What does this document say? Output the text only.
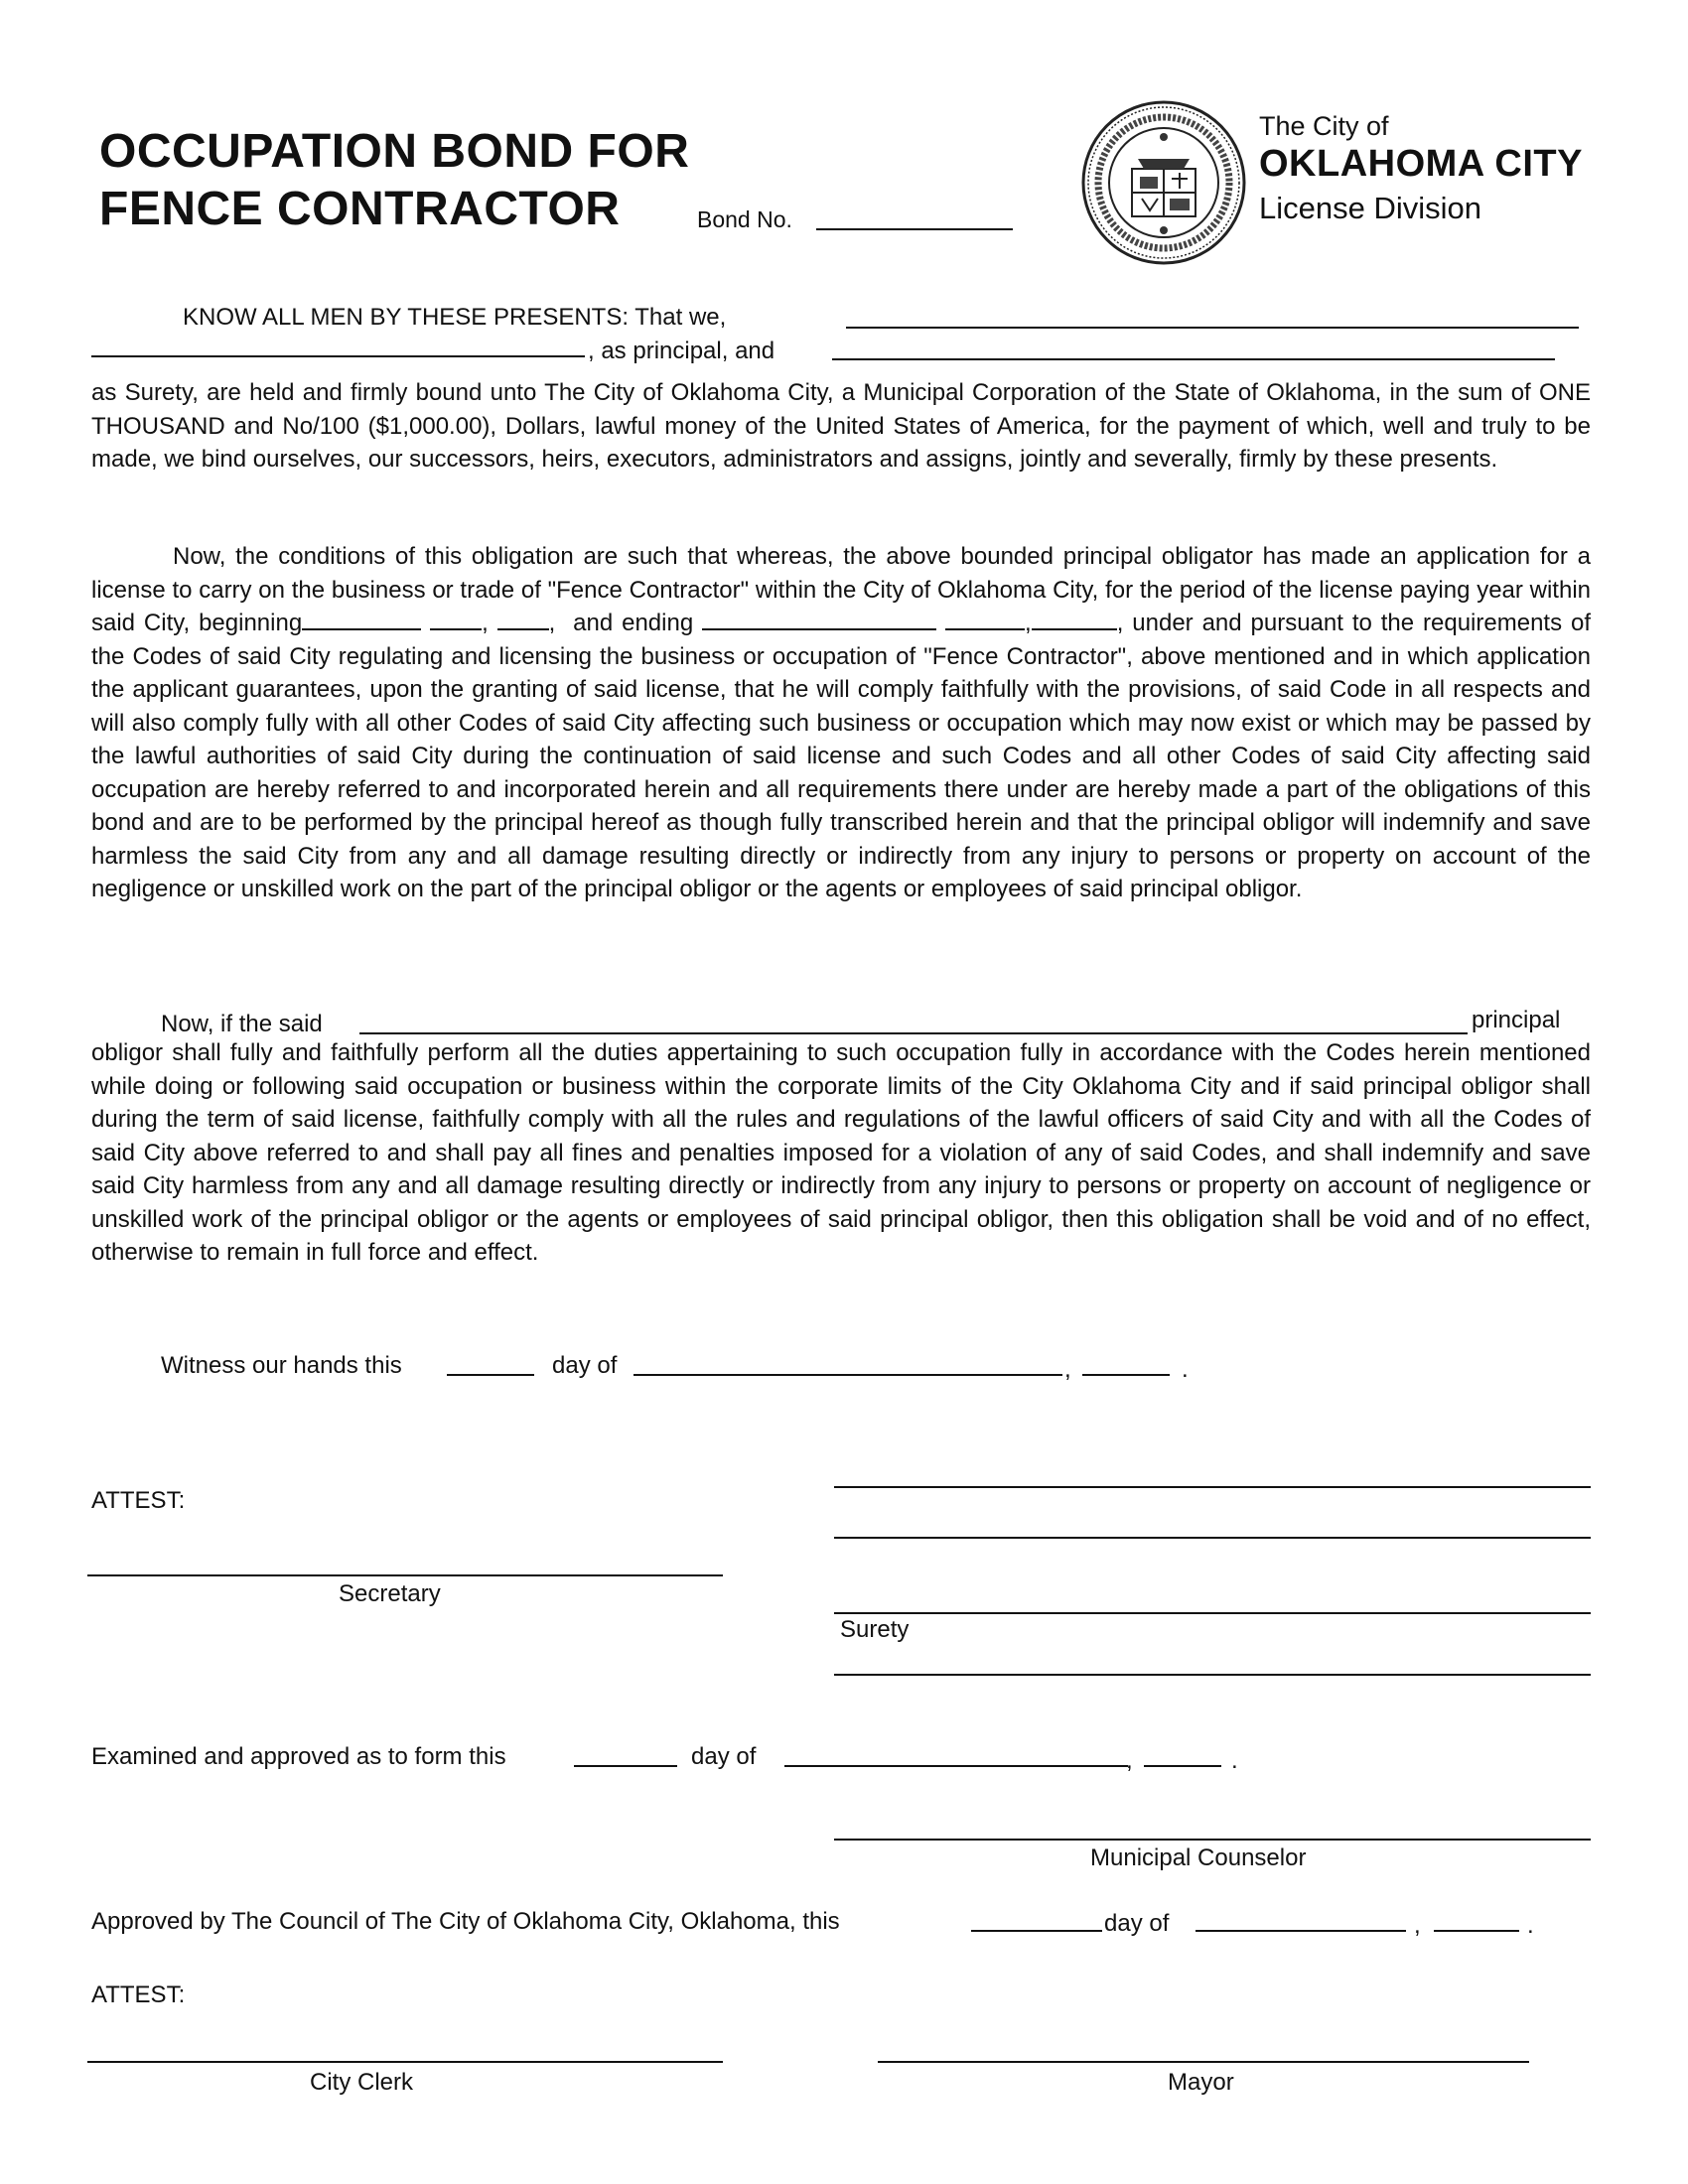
OCCUPATION BOND FOR
FENCE CONTRACTOR	Bond No.
The City of
OKLAHOMA CITY
License Division
KNOW ALL MEN BY THESE PRESENTS: That we,
, as principal, and
as Surety, are held and firmly bound unto The City of Oklahoma City, a Municipal Corporation of the State of Oklahoma, in the sum of ONE THOUSAND and No/100 ($1,000.00), Dollars, lawful money of the United States of America, for the payment of which, well and truly to be made, we bind ourselves, our successors, heirs, executors, administrators and assigns, jointly and severally, firmly by these presents.
Now, the conditions of this obligation are such that whereas, the above bounded principal obligator has made an application for a license to carry on the business or trade of "Fence Contractor" within the City of Oklahoma City, for the period of the license paying year within said City, beginning	, ,  and ending	,	, under and pursuant to the requirements of the Codes of said City regulating and licensing the business or occupation of "Fence Contractor", above mentioned and in which application the applicant guarantees, upon the granting of said license, that he will comply faithfully with the provisions, of said Code in all respects and will also comply fully with all other Codes of said City affecting such business or occupation which may now exist or which may be passed by the lawful authorities of said City during the continuation of said license and such Codes and all other Codes of said City affecting said occupation are hereby referred to and incorporated herein and all requirements there under are hereby made a part of the obligations of this bond and are to be performed by the principal hereof as though fully transcribed herein and that the principal obligor will indemnify and save harmless the said City from any and all damage resulting directly or indirectly from any injury to persons or property on account of the negligence or unskilled work on the part of the principal obligor or the agents or employees of said principal obligor.
Now, if the said	principal
obligor shall fully and faithfully perform all the duties appertaining to such occupation fully in accordance with the Codes herein mentioned while doing or following said occupation or business within the corporate limits of the City Oklahoma City and if said principal obligor shall during the term of said license, faithfully comply with all the rules and regulations of the lawful officers of said City and with all the Codes of said City above referred to and shall pay all fines and penalties imposed for a violation of any of said Codes, and shall indemnify and save said City harmless from any and all damage resulting directly or indirectly from any injury to persons or property on account of negligence or unskilled work of the principal obligor or the agents or employees of said principal obligor, then this obligation shall be void and of no effect, otherwise to remain in full force and effect.
Witness our hands this	day of	,	.
ATTEST:
Secretary
Surety
Examined and approved as to form this	day of	,	.
Municipal Counselor
Approved by The Council of The City of Oklahoma City, Oklahoma, this	day of	,	.
ATTEST:
City Clerk	Mayor
